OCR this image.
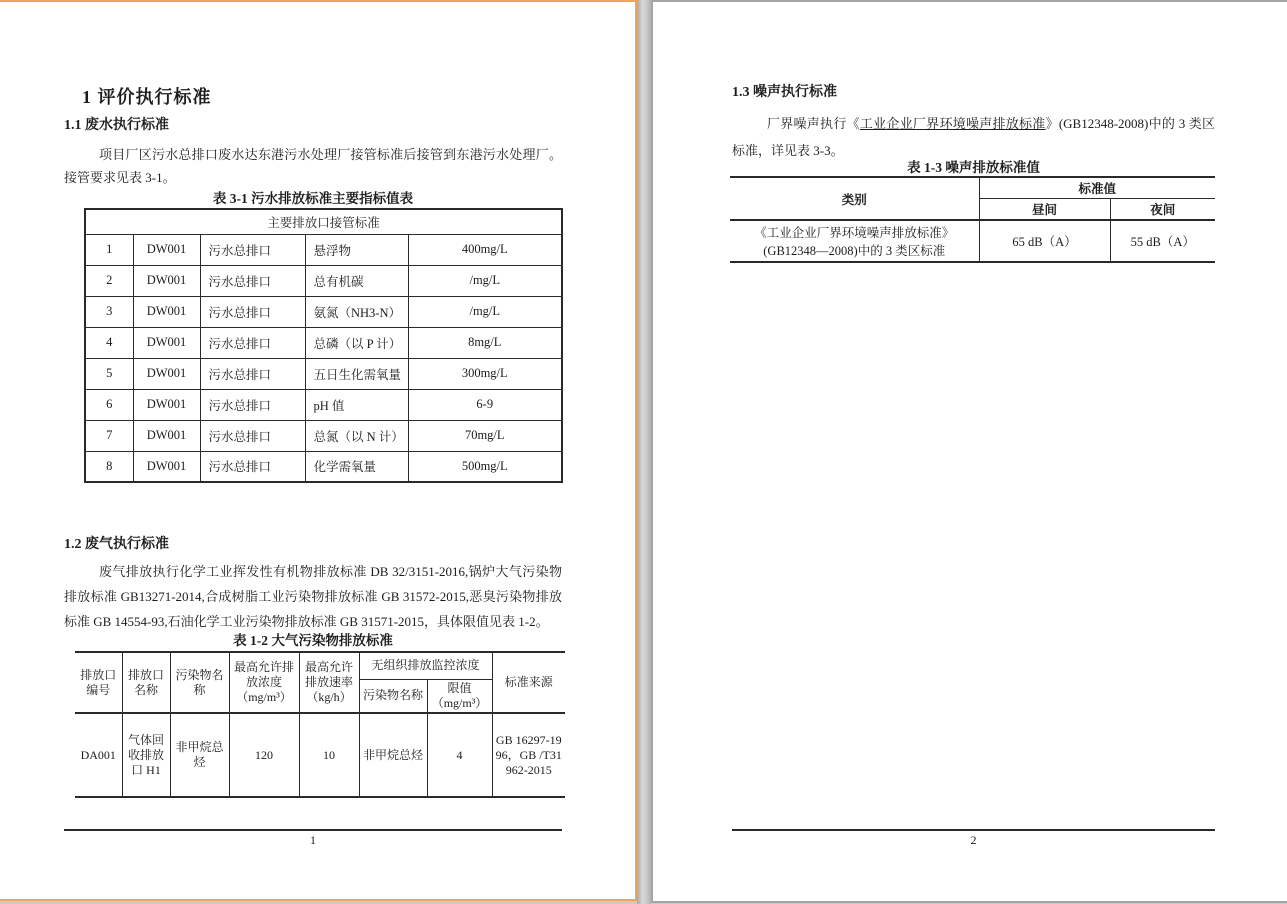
1 评价执行标准
1.1 废水执行标准

项目厂区污水总排口废水达东港污水处理厂接管标准后接管到东港污水处理厂。接管要求见表 3-1。

表 3-1 污水排放标准主要指标值表
主要排放口接管标准				
1	DW001	污水总排口	悬浮物	400mg/L
2	DW001	污水总排口	总有机碳	/mg/L
3	DW001	污水总排口	氨氮（NH3-N）	/mg/L
4	DW001	污水总排口	总磷（以 P 计）	8mg/L
5	DW001	污水总排口	五日生化需氧量	300mg/L
6	DW001	污水总排口	pH 值	6-9
7	DW001	污水总排口	总氮（以 N 计）	70mg/L
8	DW001	污水总排口	化学需氧量	500mg/L
1.2 废气执行标准

废气排放执行化学工业挥发性有机物排放标准 DB 32/3151-2016,锅炉大气污染物排放标准 GB13271-2014,合成树脂工业污染物排放标准 GB 31572-2015,恶臭污染物排放标准 GB 14554-93,石油化学工业污染物排放标准 GB 31571-2015，具体限值见表 1-2。

表 1-2 大气污染物排放标准
排放口编号	排放口名称	污染物名称	最高允许排放浓度（mg/m³）	最高允许排放速率（kg/h）	无组织排放监控浓度		标准来源
					污染物名称	限值（mg/m³）	
DA001	气体回收排放口 H1	非甲烷总烃	120	10	非甲烷总烃	4	GB 16297-1996，GB /T31962-2015
1
1.3 噪声执行标准

厂界噪声执行《工业企业厂界环境噪声排放标准》(GB12348-2008)中的 3 类区标准，详见表 3-3。

表 1-3 噪声排放标准值
类别	标准值	
	昼间	夜间

《工业企业厂界环境噪声排放标准》
(GB12348—2008)中的 3 类区标准	65 dB（A）	55 dB（A）
2
